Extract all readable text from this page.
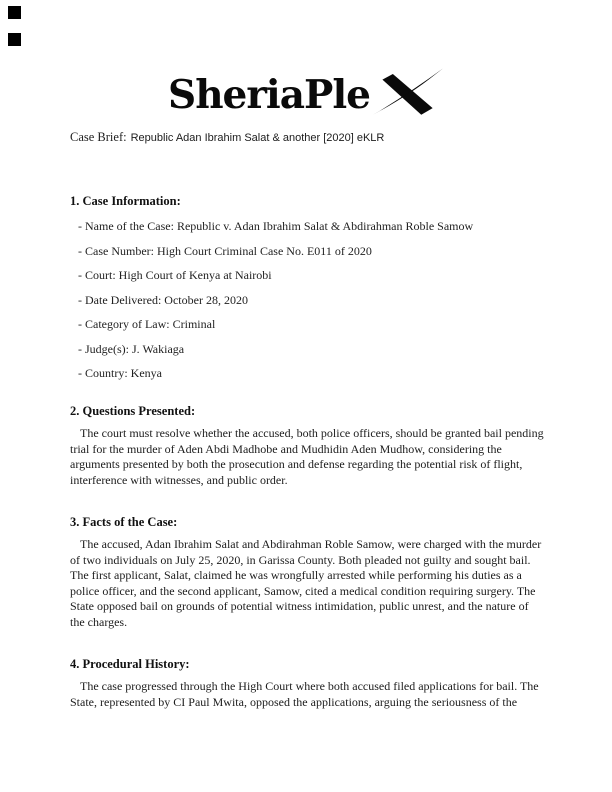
SheriaPle
Case Brief: Republic Adan Ibrahim Salat & another [2020] eKLR
1. Case Information:
- Name of the Case: Republic v. Adan Ibrahim Salat & Abdirahman Roble Samow
- Case Number: High Court Criminal Case No. E011 of 2020
- Court: High Court of Kenya at Nairobi
- Date Delivered: October 28, 2020
- Category of Law: Criminal
- Judge(s): J. Wakiaga
- Country: Kenya
2. Questions Presented:
The court must resolve whether the accused, both police officers, should be granted bail pending trial for the murder of Aden Abdi Madhobe and Mudhidin Aden Mudhow, considering the arguments presented by both the prosecution and defense regarding the potential risk of flight, interference with witnesses, and public order.
3. Facts of the Case:
The accused, Adan Ibrahim Salat and Abdirahman Roble Samow, were charged with the murder of two individuals on July 25, 2020, in Garissa County. Both pleaded not guilty and sought bail. The first applicant, Salat, claimed he was wrongfully arrested while performing his duties as a police officer, and the second applicant, Samow, cited a medical condition requiring surgery. The State opposed bail on grounds of potential witness intimidation, public unrest, and the nature of the charges.
4. Procedural History:
The case progressed through the High Court where both accused filed applications for bail. The State, represented by CI Paul Mwita, opposed the applications, arguing the seriousness of the
